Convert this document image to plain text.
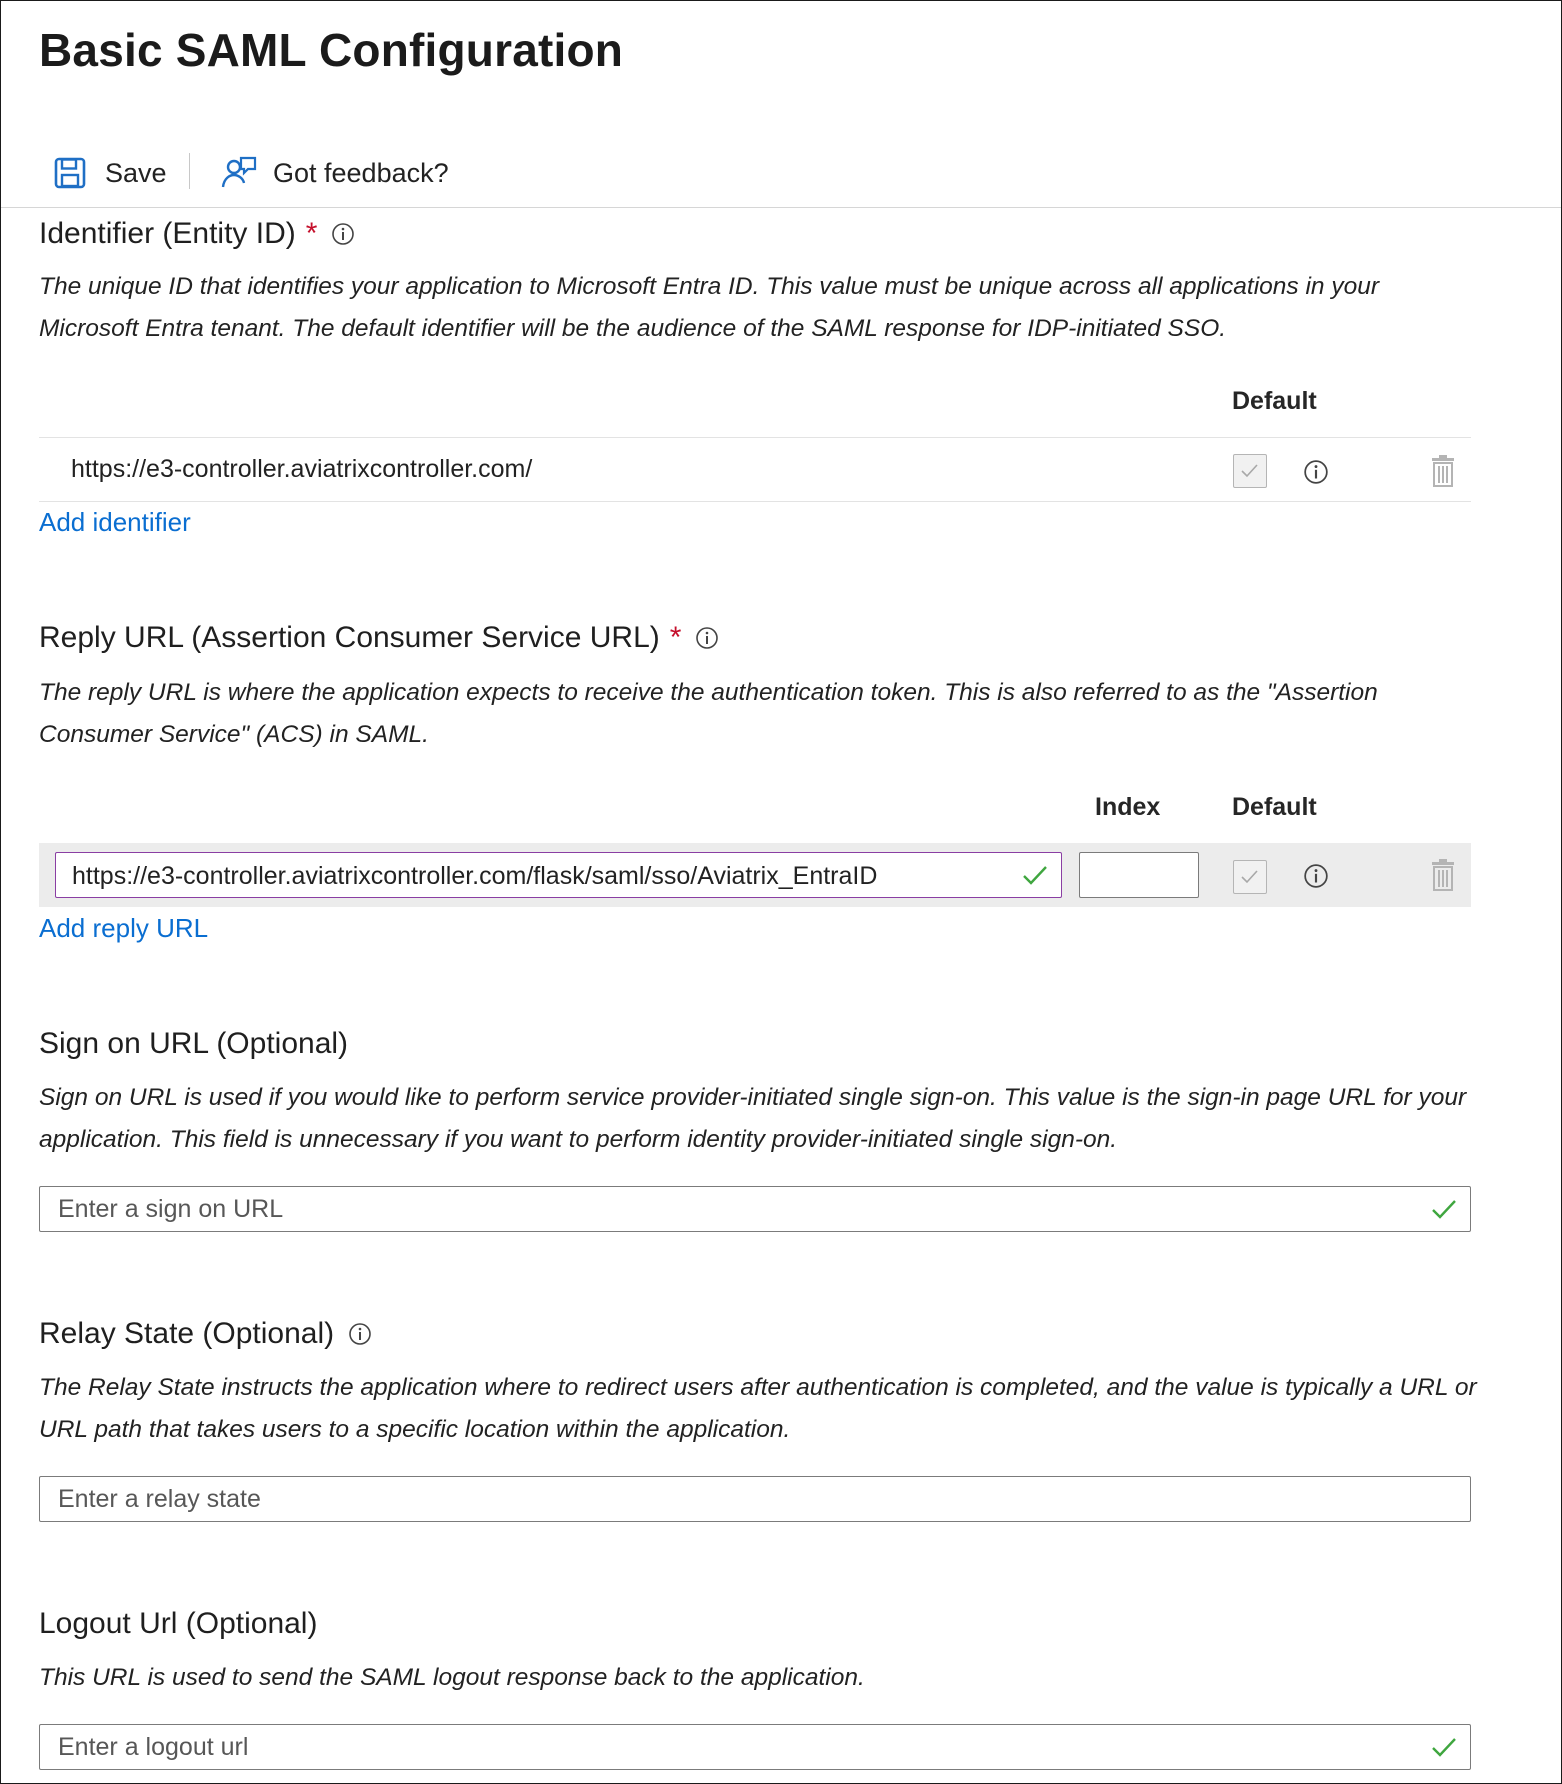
Basic SAML Configuration
Save	Got feedback?
Identifier (Entity ID) *
The unique ID that identifies your application to Microsoft Entra ID. This value must be unique across all applications in your Microsoft Entra tenant. The default identifier will be the audience of the SAML response for IDP-initiated SSO.
Default
https://e3-controller.aviatrixcontroller.com/
Add identifier
Reply URL (Assertion Consumer Service URL) *
The reply URL is where the application expects to receive the authentication token. This is also referred to as the "Assertion Consumer Service" (ACS) in SAML.
Index	Default
https://e3-controller.aviatrixcontroller.com/flask/saml/sso/Aviatrix_EntraID
Add reply URL
Sign on URL (Optional)
Sign on URL is used if you would like to perform service provider-initiated single sign-on. This value is the sign-in page URL for your application. This field is unnecessary if you want to perform identity provider-initiated single sign-on.
Enter a sign on URL
Relay State (Optional)
The Relay State instructs the application where to redirect users after authentication is completed, and the value is typically a URL or URL path that takes users to a specific location within the application.
Enter a relay state
Logout Url (Optional)
This URL is used to send the SAML logout response back to the application.
Enter a logout url
